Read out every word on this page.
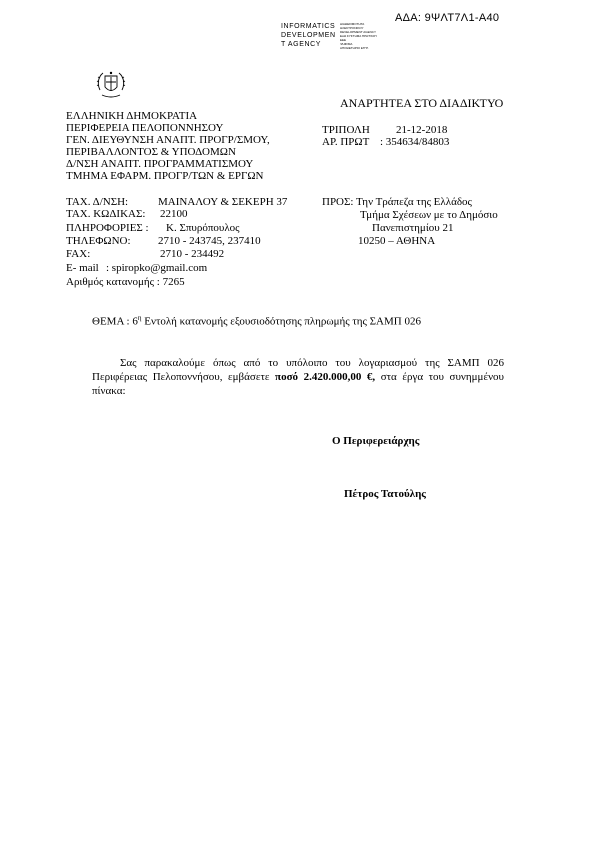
ΑΔΑ: 9ΨΛΤ7Λ1-Α40
INFORMATICS
DEVELOPMEN
T AGENCY
ΔΙΑΘΕΣΙΜΟΤΗΤΑ
ΗΛΕΚΤΡΟΝΙΚΟΥ
DEVELOPMENT AGENCY
ΕΞΩ ΣΥΣΤΗΜΑ ΠΡΩΤ/ΚΟΥ
ΕΕΕ
ΨΗΦ/ΜΑ
ΑΠΟΘΕΤΗΡΙΟ ΕΓΓΡ.
ΑΝΑΡΤΗΤΕΑ ΣΤΟ ΔΙΑΔΙΚΤΥΟ
ΕΛΛΗΝΙΚΗ ΔΗΜΟΚΡΑΤΙΑ
ΠΕΡΙΦΕΡΕΙΑ ΠΕΛΟΠΟΝΝΗΣΟΥ
ΓΕΝ. ΔΙΕΥΘΥΝΣΗ ΑΝΑΠΤ. ΠΡΟΓΡ/ΣΜΟΥ,
ΠΕΡΙΒΑΛΛΟΝΤΟΣ & ΥΠΟΔΟΜΩΝ
Δ/ΝΣΗ ΑΝΑΠΤ. ΠΡΟΓΡΑΜΜΑΤΙΣΜΟΥ
ΤΜΗΜΑ ΕΦΑΡΜ. ΠΡΟΓΡ/ΤΩΝ & ΕΡΓΩΝ
ΤΡΙΠΟΛΗ 21-12-2018
ΑΡ. ΠΡΩΤ : 354634/84803
ΤΑΧ. Δ/ΝΣΗ:	ΜΑΙΝΑΛΟΥ & ΣΕΚΕΡΗ 37
ΤΑΧ. ΚΩΔΙΚΑΣ: 22100
ΠΛΗΡΟΦΟΡΙΕΣ : Κ. Σπυρόπουλος
ΤΗΛΕΦΩΝΟ: 2710 - 243745, 237410
FAX:	2710 - 234492
E- mail : spiropko@gmail.com
Αριθμός κατανομής : 7265
ΠΡΟΣ: Την Τράπεζα της Ελλάδος
Τμήμα Σχέσεων με το Δημόσιο
Πανεπιστημίου 21
10250 – ΑΘΗΝΑ
ΘΕΜΑ : $6^\eta$ Εντολή κατανομής εξουσιοδότησης πληρωμής της ΣΑΜΠ 026
Σας παρακαλούμε όπως από το υπόλοιπο του λογαριασμού της ΣΑΜΠ 026 Περιφέρειας Πελοποννήσου, εμβάσετε ποσό 2.420.000,00 €, στα έργα του συνημμένου πίνακα:
Ο Περιφερειάρχης
Πέτρος Τατούλης
